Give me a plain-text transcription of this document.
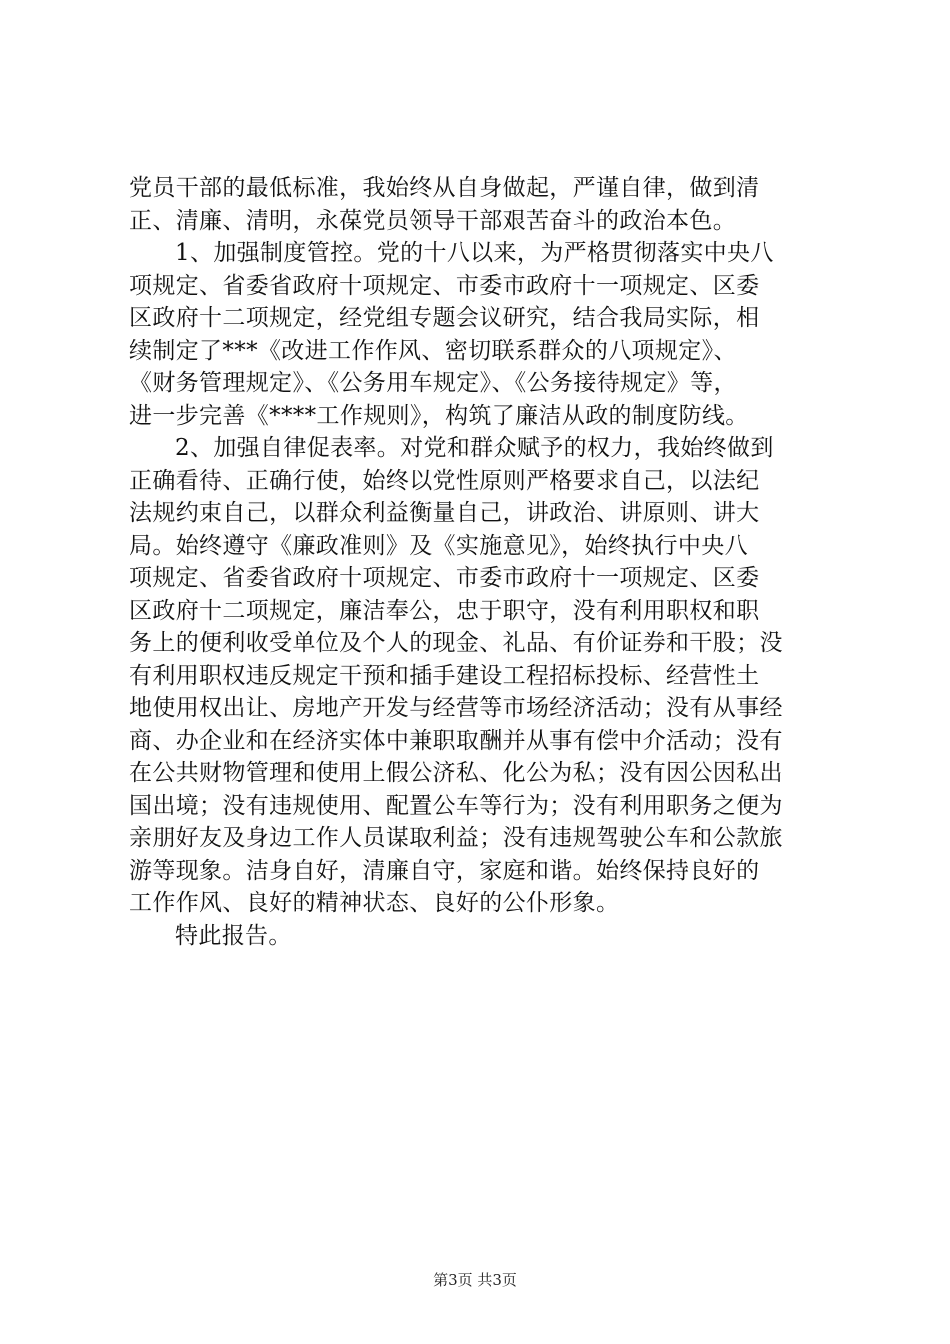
党员干部的最低标准，我始终从自身做起，严谨自律，做到清
正、清廉、清明，永葆党员领导干部艰苦奋斗的政治本色。
1、加强制度管控。党的十八以来，为严格贯彻落实中央八
项规定、省委省政府十项规定、市委市政府十一项规定、区委
区政府十二项规定，经党组专题会议研究，结合我局实际，相
续制定了***《改进工作作风、密切联系群众的八项规定》、
《财务管理规定》、《公务用车规定》、《公务接待规定》等，
进一步完善《****工作规则》，构筑了廉洁从政的制度防线。
2、加强自律促表率。对党和群众赋予的权力，我始终做到
正确看待、正确行使，始终以党性原则严格要求自己，以法纪
法规约束自己，以群众利益衡量自己，讲政治、讲原则、讲大
局。始终遵守《廉政准则》及《实施意见》，始终执行中央八
项规定、省委省政府十项规定、市委市政府十一项规定、区委
区政府十二项规定，廉洁奉公，忠于职守，没有利用职权和职
务上的便利收受单位及个人的现金、礼品、有价证券和干股；没
有利用职权违反规定干预和插手建设工程招标投标、经营性土
地使用权出让、房地产开发与经营等市场经济活动；没有从事经
商、办企业和在经济实体中兼职取酬并从事有偿中介活动；没有
在公共财物管理和使用上假公济私、化公为私；没有因公因私出
国出境；没有违规使用、配置公车等行为；没有利用职务之便为
亲朋好友及身边工作人员谋取利益；没有违规驾驶公车和公款旅
游等现象。洁身自好，清廉自守，家庭和谐。始终保持良好的
工作作风、良好的精神状态、良好的公仆形象。
特此报告。
第3页 共3页
